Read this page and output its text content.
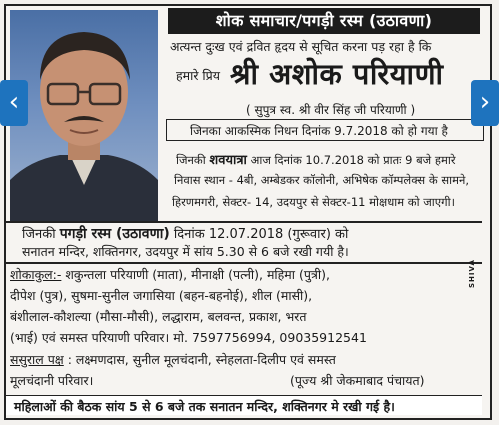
शोक समाचार/पगड़ी रस्म (उठावणा)
अत्यन्त दुःख एवं द्रवित हृदय से सूचित करना पड़ रहा है कि
हमारे प्रिय श्री अशोक परियाणी
( सुपुत्र स्व. श्री वीर सिंह जी परियाणी )
जिनका आकस्मिक निधन दिनांक 9.7.2018 को हो गया है
जिनकी शवयात्रा आज दिनांक 10.7.2018 को प्रातः 9 बजे हमारे
निवास स्थान - 4बी, अम्बेडकर कॉलोनी, अभिषेक कॉम्पलेक्स के सामने,
हिरणमगरी, सेक्टर- 14, उदयपुर से सेक्टर-11 मोक्षधाम को जाएगी।
जिनकी पगड़ी रस्म (उठावणा) दिनांक 12.07.2018 (गुरूवार) को
सनातन मन्दिर, शक्तिनगर, उदयपुर में सांय 5.30 से 6 बजे रखी गयी है।
शोकाकुल:- शकुन्तला परियाणी (माता), मीनाक्षी (पत्नी), महिमा (पुत्री),
दीपेश (पुत्र), सुषमा-सुनील जगासिया (बहन-बहनोई), शील (मासी),
बंशीलाल-कौशल्या (मौसा-मौसी), लद्धाराम, बलवन्त, प्रकाश, भरत
(भाई) एवं समस्त परियाणी परिवार। मो. 7597756994, 09035912541
ससुराल पक्ष : लक्ष्मणदास, सुनील मूलचंदानी, स्नेहलता-दिलीप एवं समस्त
मूलचंदानी परिवार।	(पूज्य श्री जेकमाबाद पंचायत)
SHIVA
महिलाओं की बैठक सांय 5 से 6 बजे तक सनातन मन्दिर, शक्तिनगर मे रखी गई है।
‹	›
